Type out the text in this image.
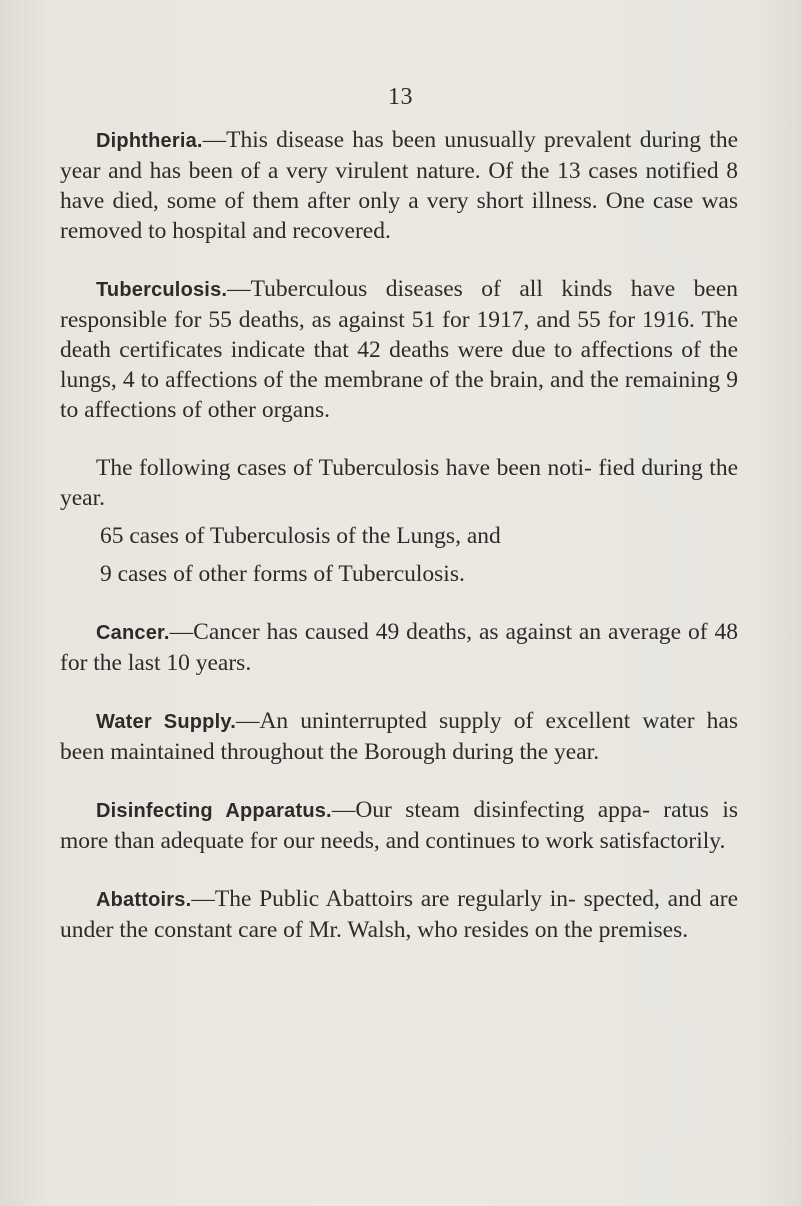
13

Diphtheria.—This disease has been unusually prevalent during the year and has been of a very virulent nature. Of the 13 cases notified 8 have died, some of them after only a very short illness. One case was removed to hospital and recovered.

Tuberculosis.—Tuberculous diseases of all kinds have been responsible for 55 deaths, as against 51 for 1917, and 55 for 1916. The death certificates indicate that 42 deaths were due to affections of the lungs, 4 to affections of the membrane of the brain, and the remaining 9 to affections of other organs.

The following cases of Tuberculosis have been noti- fied during the year.

65 cases of Tuberculosis of the Lungs, and
9 cases of other forms of Tuberculosis.

Cancer.—Cancer has caused 49 deaths, as against an average of 48 for the last 10 years.

Water Supply.—An uninterrupted supply of excellent water has been maintained throughout the Borough during the year.

Disinfecting Apparatus.—Our steam disinfecting appa- ratus is more than adequate for our needs, and continues to work satisfactorily.

Abattoirs.—The Public Abattoirs are regularly in- spected, and are under the constant care of Mr. Walsh, who resides on the premises.
